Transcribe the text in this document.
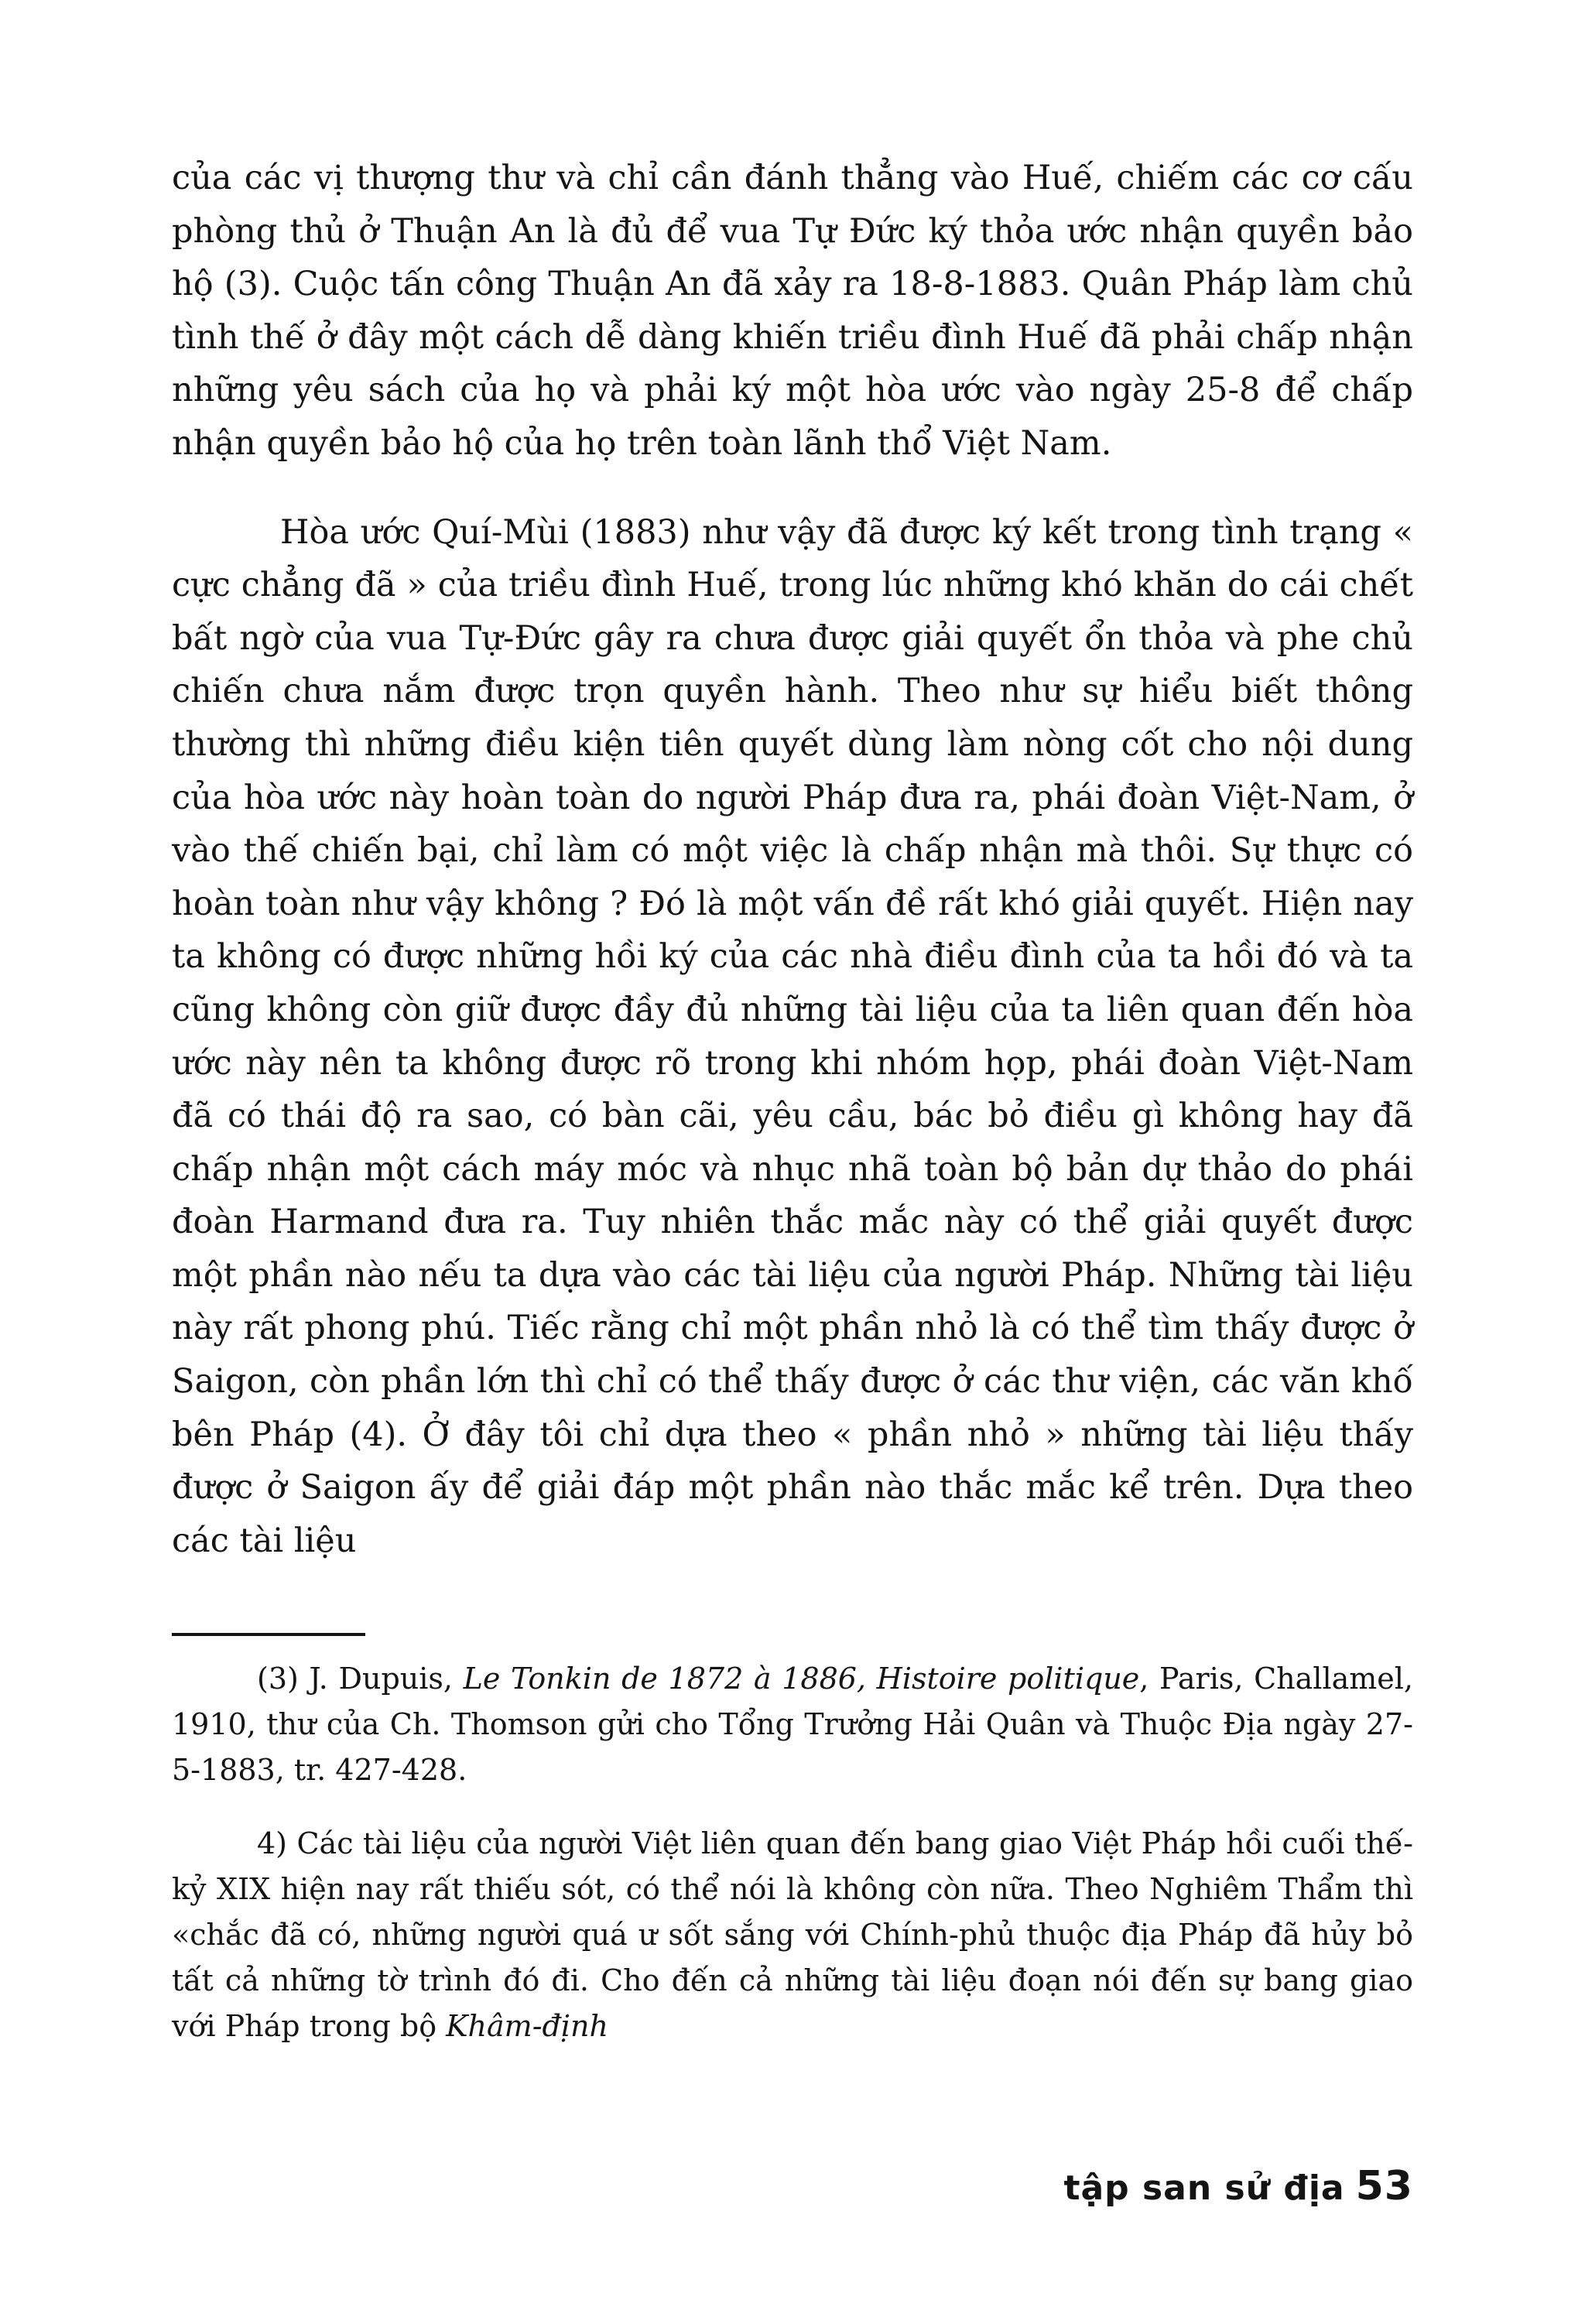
của các vị thượng thư và chỉ cần đánh thẳng vào Huế, chiếm các cơ cấu phòng thủ ở Thuận An là đủ để vua Tự Đức ký thỏa ước nhận quyền bảo hộ (3). Cuộc tấn công Thuận An đã xảy ra 18-8-1883. Quân Pháp làm chủ tình thế ở đây một cách dễ dàng khiến triều đình Huế đã phải chấp nhận những yêu sách của họ và phải ký một hòa ước vào ngày 25-8 để chấp nhận quyền bảo hộ của họ trên toàn lãnh thổ Việt Nam.

Hòa ước Quí-Mùi (1883) như vậy đã được ký kết trong tình trạng « cực chẳng đã » của triều đình Huế, trong lúc những khó khăn do cái chết bất ngờ của vua Tự-Đức gây ra chưa được giải quyết ổn thỏa và phe chủ chiến chưa nắm được trọn quyền hành. Theo như sự hiểu biết thông thường thì những điều kiện tiên quyết dùng làm nòng cốt cho nội dung của hòa ước này hoàn toàn do người Pháp đưa ra, phái đoàn Việt-Nam, ở vào thế chiến bại, chỉ làm có một việc là chấp nhận mà thôi. Sự thực có hoàn toàn như vậy không ? Đó là một vấn đề rất khó giải quyết. Hiện nay ta không có được những hồi ký của các nhà điều đình của ta hồi đó và ta cũng không còn giữ được đầy đủ những tài liệu của ta liên quan đến hòa ước này nên ta không được rõ trong khi nhóm họp, phái đoàn Việt-Nam đã có thái độ ra sao, có bàn cãi, yêu cầu, bác bỏ điều gì không hay đã chấp nhận một cách máy móc và nhục nhã toàn bộ bản dự thảo do phái đoàn Harmand đưa ra. Tuy nhiên thắc mắc này có thể giải quyết được một phần nào nếu ta dựa vào các tài liệu của người Pháp. Những tài liệu này rất phong phú. Tiếc rằng chỉ một phần nhỏ là có thể tìm thấy được ở Saigon, còn phần lớn thì chỉ có thể thấy được ở các thư viện, các văn khố bên Pháp (4). Ở đây tôi chỉ dựa theo « phần nhỏ » những tài liệu thấy được ở Saigon ấy để giải đáp một phần nào thắc mắc kể trên. Dựa theo các tài liệu

(3) J. Dupuis, Le Tonkin de 1872 à 1886, Histoire politique, Paris, Challamel, 1910, thư của Ch. Thomson gửi cho Tổng Trưởng Hải Quân và Thuộc Địa ngày 27-5-1883, tr. 427-428.

4) Các tài liệu của người Việt liên quan đến bang giao Việt Pháp hồi cuối thế-kỷ XIX hiện nay rất thiếu sót, có thể nói là không còn nữa. Theo Nghiêm Thẩm thì «chắc đã có, những người quá ư sốt sắng với Chính-phủ thuộc địa Pháp đã hủy bỏ tất cả những tờ trình đó đi. Cho đến cả những tài liệu đoạn nói đến sự bang giao với Pháp trong bộ Khâm-định

tập san sử địa 53
